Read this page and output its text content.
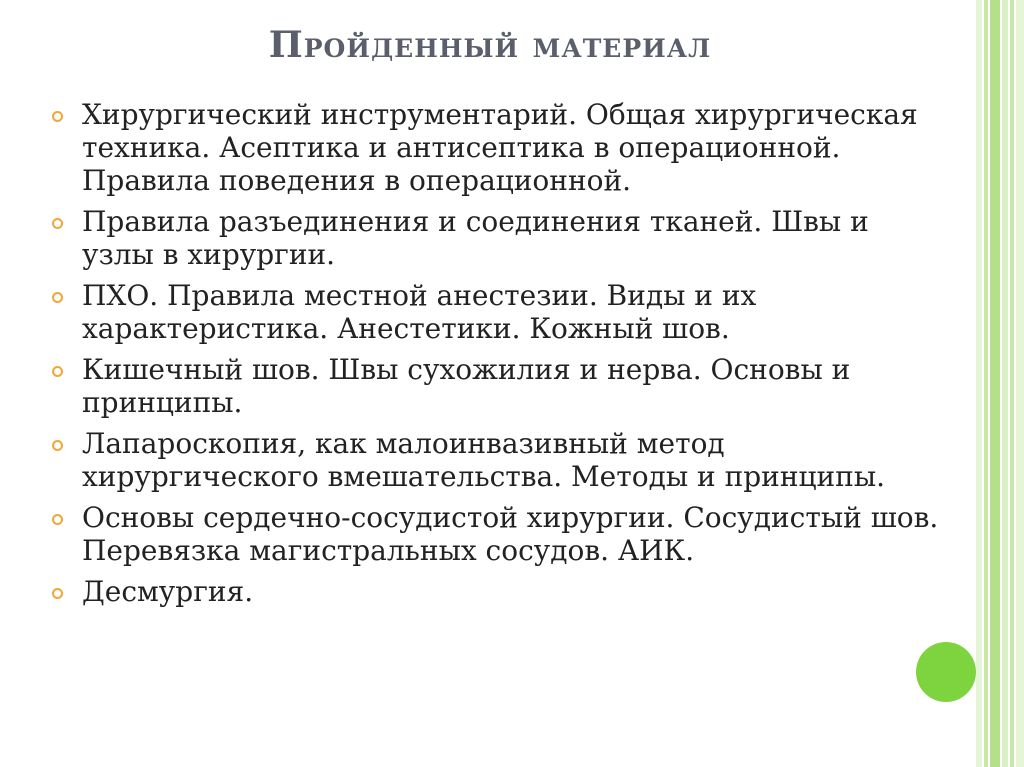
Пройденный материал
Хирургический инструментарий. Общая хирургическая техника. Асептика и антисептика в операционной. Правила поведения в операционной.
Правила разъединения и соединения тканей. Швы и узлы в хирургии.
ПХО. Правила местной анестезии. Виды и их характеристика. Анестетики. Кожный шов.
Кишечный шов. Швы сухожилия и нерва. Основы и принципы.
Лапароскопия, как малоинвазивный метод хирургического вмешательства. Методы и принципы.
Основы сердечно-сосудистой хирургии. Сосудистый шов. Перевязка магистральных сосудов. АИК.
Десмургия.
